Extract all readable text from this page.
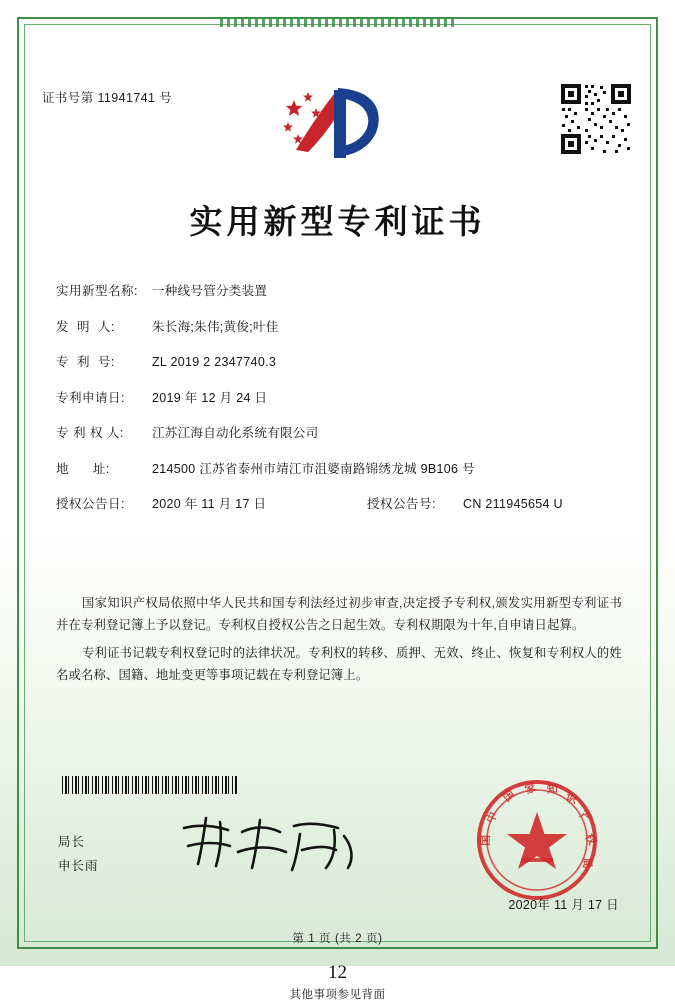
证书号第 11941741 号
实用新型专利证书
实用新型名称:	一种线号管分类装置
发  明  人:	朱长海;朱伟;黄俊;叶佳
专  利  号:	ZL 2019 2 2347740.3
专利申请日:	2019 年 12 月 24 日
专 利 权 人:	江苏江海自动化系统有限公司
地      址:	214500 江苏省泰州市靖江市沮婆南路锦绣龙城 9B106 号
授权公告日:	2020 年 11 月 17 日	授权公告号:	CN 211945654 U

国家知识产权局依照中华人民共和国专利法经过初步审查,决定授予专利权,颁发实用新型专利证书并在专利登记簿上予以登记。专利权自授权公告之日起生效。专利权期限为十年,自申请日起算。

专利证书记载专利权登记时的法律状况。专利权的转移、质押、无效、终止、恢复和专利权人的姓名或名称、国籍、地址变更等事项记载在专利登记簿上。

局长
申长雨
国 家 知
识
产
权
局
中
国
2020年 11 月 17 日
第 1 页 (共 2 页)
12
其他事项参见背面
